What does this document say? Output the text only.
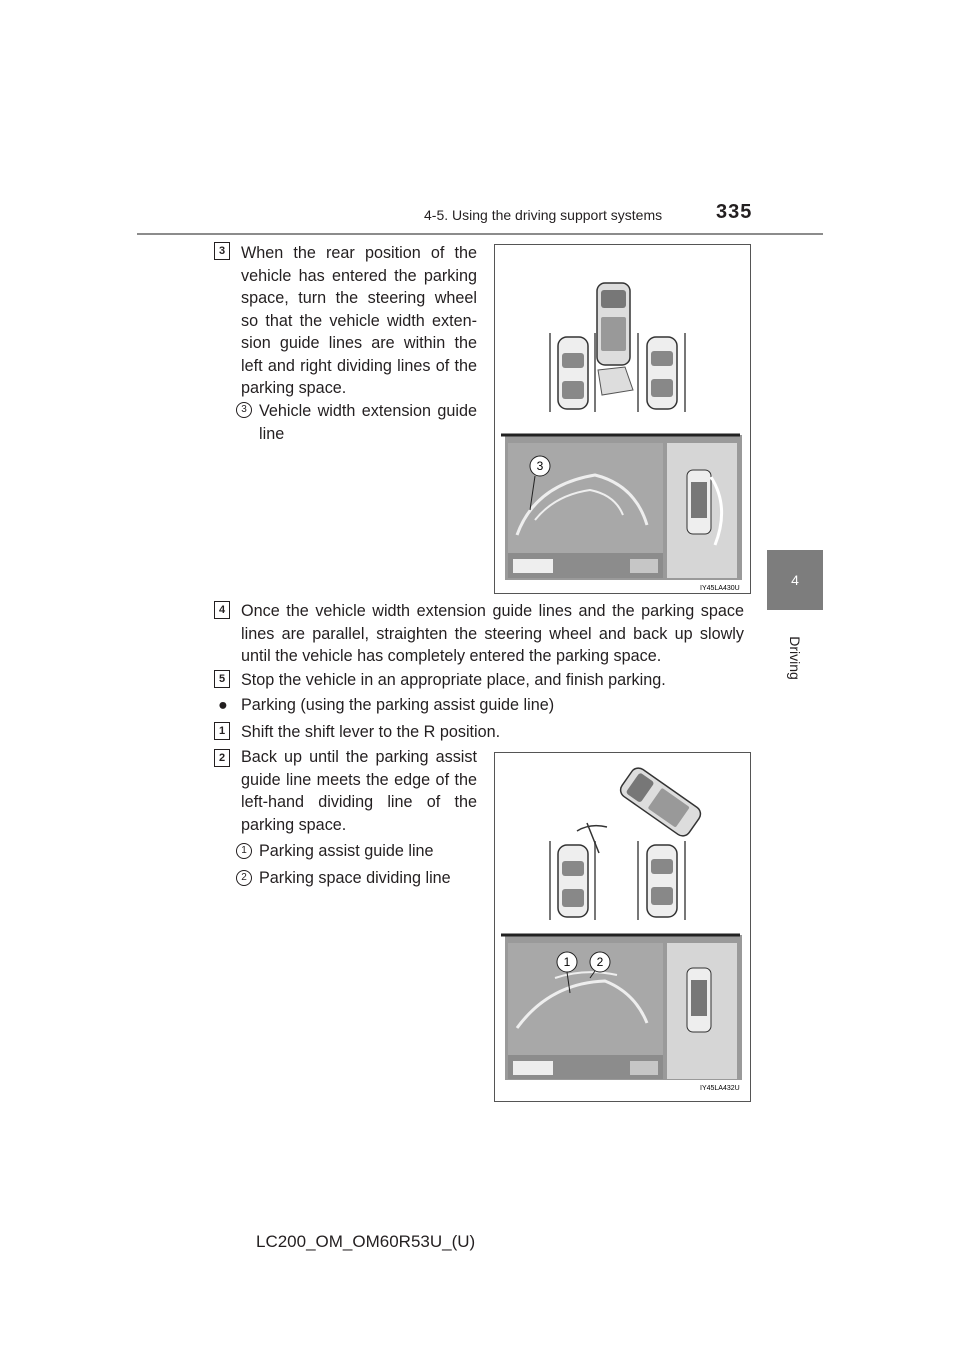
4-5. Using the driving support systems	335
4
Driving
3 When the rear position of the vehicle has entered the parking space, turn the steering wheel so that the vehicle width exten-sion guide lines are within the left and right dividing lines of the parking space.
3 Vehicle width extension guide line
3
IY45LA430U
4 Once the vehicle width extension guide lines and the parking space lines are parallel, straighten the steering wheel and back up slowly until the vehicle has completely entered the parking space.
5 Stop the vehicle in an appropriate place, and finish parking.
● Parking (using the parking assist guide line)
1 Shift the shift lever to the R position.
2 Back up until the parking assist guide line meets the edge of the left-hand dividing line of the parking space.
1 Parking assist guide line
2 Parking space dividing line
1 2
IY45LA432U
LC200_OM_OM60R53U_(U)
